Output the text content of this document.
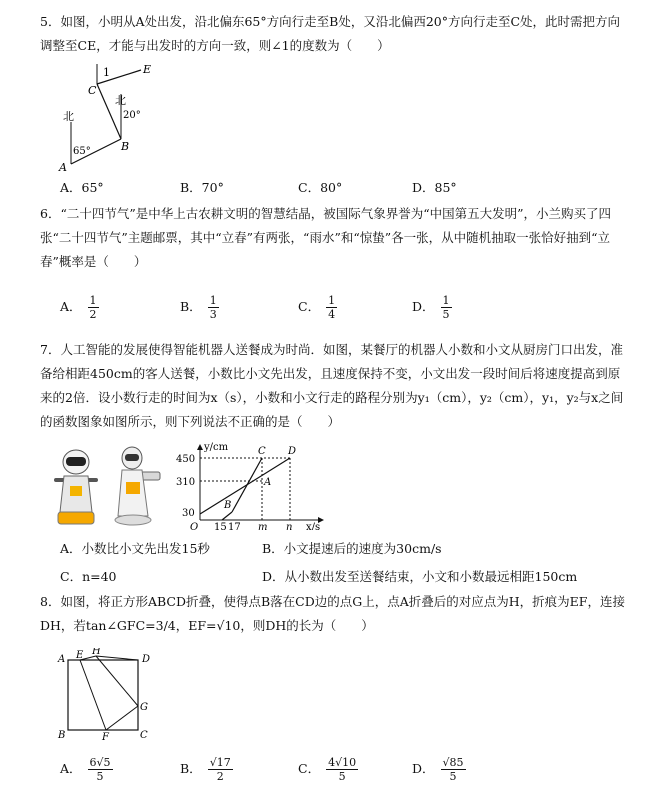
5．如图，小明从A处出发，沿北偏东65°方向行走至B处，又沿北偏西20°方向行走至C处，此时需把方向调整至CE，才能与出发时的方向一致，则∠1的度数为（　　）

1	E
C
北
北	20°
65°
A
B
A．65°	B．70°	C．80°	D．85°

6．“二十四节气”是中华上古农耕文明的智慧结晶，被国际气象界誉为“中国第五大发明”，小兰购买了四张“二十四节气”主题邮票，其中“立春”有两张，“雨水”和“惊蛰”各一张，从中随机抽取一张恰好抽到“立春”概率是（　　）

A． $\frac{1}{2}$	B． $\frac{1}{3}$	C． $\frac{1}{4}$	D． $\frac{1}{5}$

7．人工智能的发展使得智能机器人送餐成为时尚．如图，某餐厅的机器人小数和小文从厨房门口出发，准备给相距450cm的客人送餐，小数比小文先出发，且速度保持不变，小文出发一段时间后将速度提高到原来的2倍．设小数行走的时间为x（s），小数和小文行走的路程分别为y₁（cm），y₂（cm），y₁，y₂与x之间的函数图象如图所示，则下列说法不正确的是（　　）

y/cm
x/s
450
310
30
O 15 17 m n
C D
A
B
A．小数比小文先出发15秒	B．小文提速后的速度为30cm/s
C．n=40	D．从小数出发至送餐结束，小文和小数最远相距150cm

8．如图，将正方形ABCD折叠，使得点B落在CD边的点G上，点A折叠后的对应点为H，折痕为EF，连接DH，若tan∠GFC=3/4，EF=√10，则DH的长为（　　）

A E H
D
G
B	F	C
A． $\frac{6√5}{5}$	B． $\frac{√17}{2}$	C． $\frac{4√10}{5}$	D． $\frac{√85}{5}$
